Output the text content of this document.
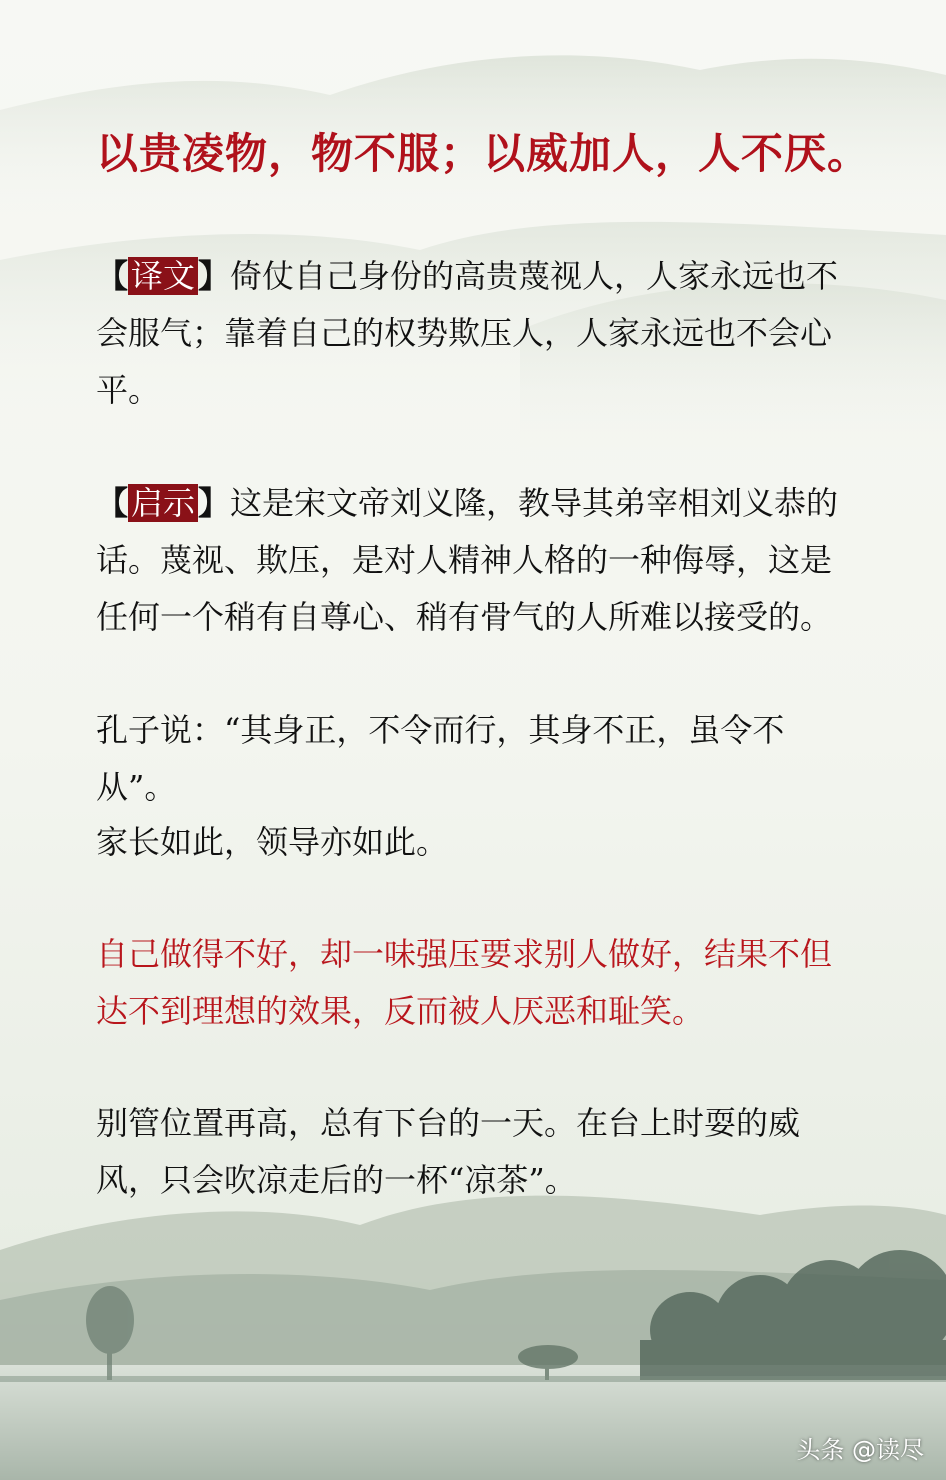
以贵凌物，物不服；以威加人，人不厌。
【译文】倚仗自己身份的高贵蔑视人，人家永远也不会服气；靠着自己的权势欺压人，人家永远也不会心平。
【启示】这是宋文帝刘义隆，教导其弟宰相刘义恭的话。蔑视、欺压，是对人精神人格的一种侮辱，这是任何一个稍有自尊心、稍有骨气的人所难以接受的。
孔子说：“其身正，不令而行，其身不正，虽令不从”。
家长如此，领导亦如此。
自己做得不好，却一味强压要求别人做好，结果不但达不到理想的效果，反而被人厌恶和耻笑。
别管位置再高，总有下台的一天。在台上时耍的威风，只会吹凉走后的一杯“凉茶”。
头条 @读尽
